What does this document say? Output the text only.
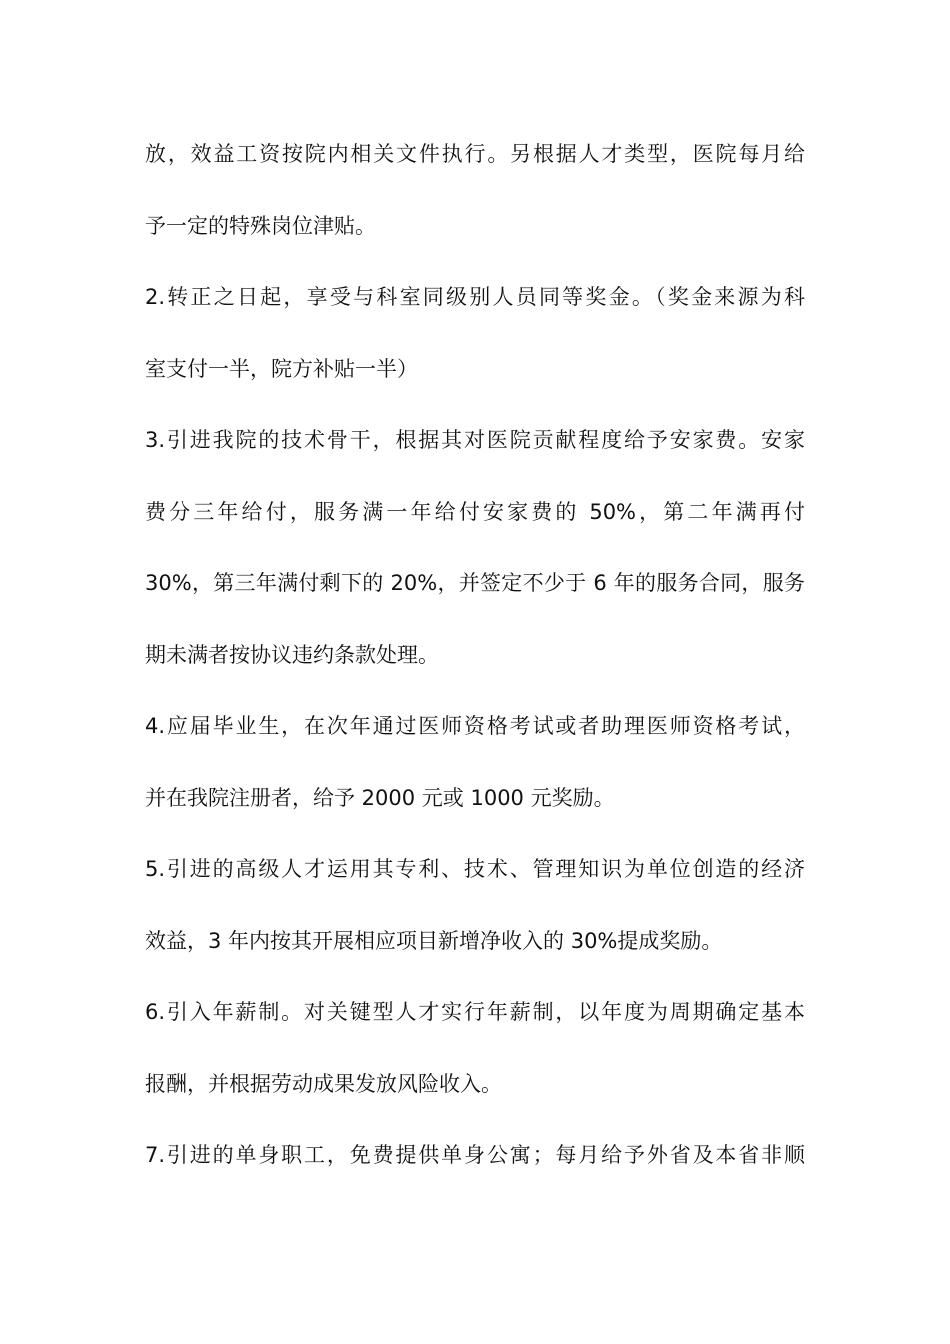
放，效益工资按院内相关文件执行。另根据人才类型，医院每月给
予一定的特殊岗位津贴。
2.转正之日起，享受与科室同级别人员同等奖金。（奖金来源为科
室支付一半，院方补贴一半）
3.引进我院的技术骨干，根据其对医院贡献程度给予安家费。安家
费分三年给付，服务满一年给付安家费的 50%，第二年满再付
30%，第三年满付剩下的 20%，并签定不少于 6 年的服务合同，服务
期未满者按协议违约条款处理。
4.应届毕业生，在次年通过医师资格考试或者助理医师资格考试，
并在我院注册者，给予 2000 元或 1000 元奖励。
5.引进的高级人才运用其专利、技术、管理知识为单位创造的经济
效益，3 年内按其开展相应项目新增净收入的 30%提成奖励。
6.引入年薪制。对关键型人才实行年薪制，以年度为周期确定基本
报酬，并根据劳动成果发放风险收入。
7.引进的单身职工，免费提供单身公寓；每月给予外省及本省非顺
